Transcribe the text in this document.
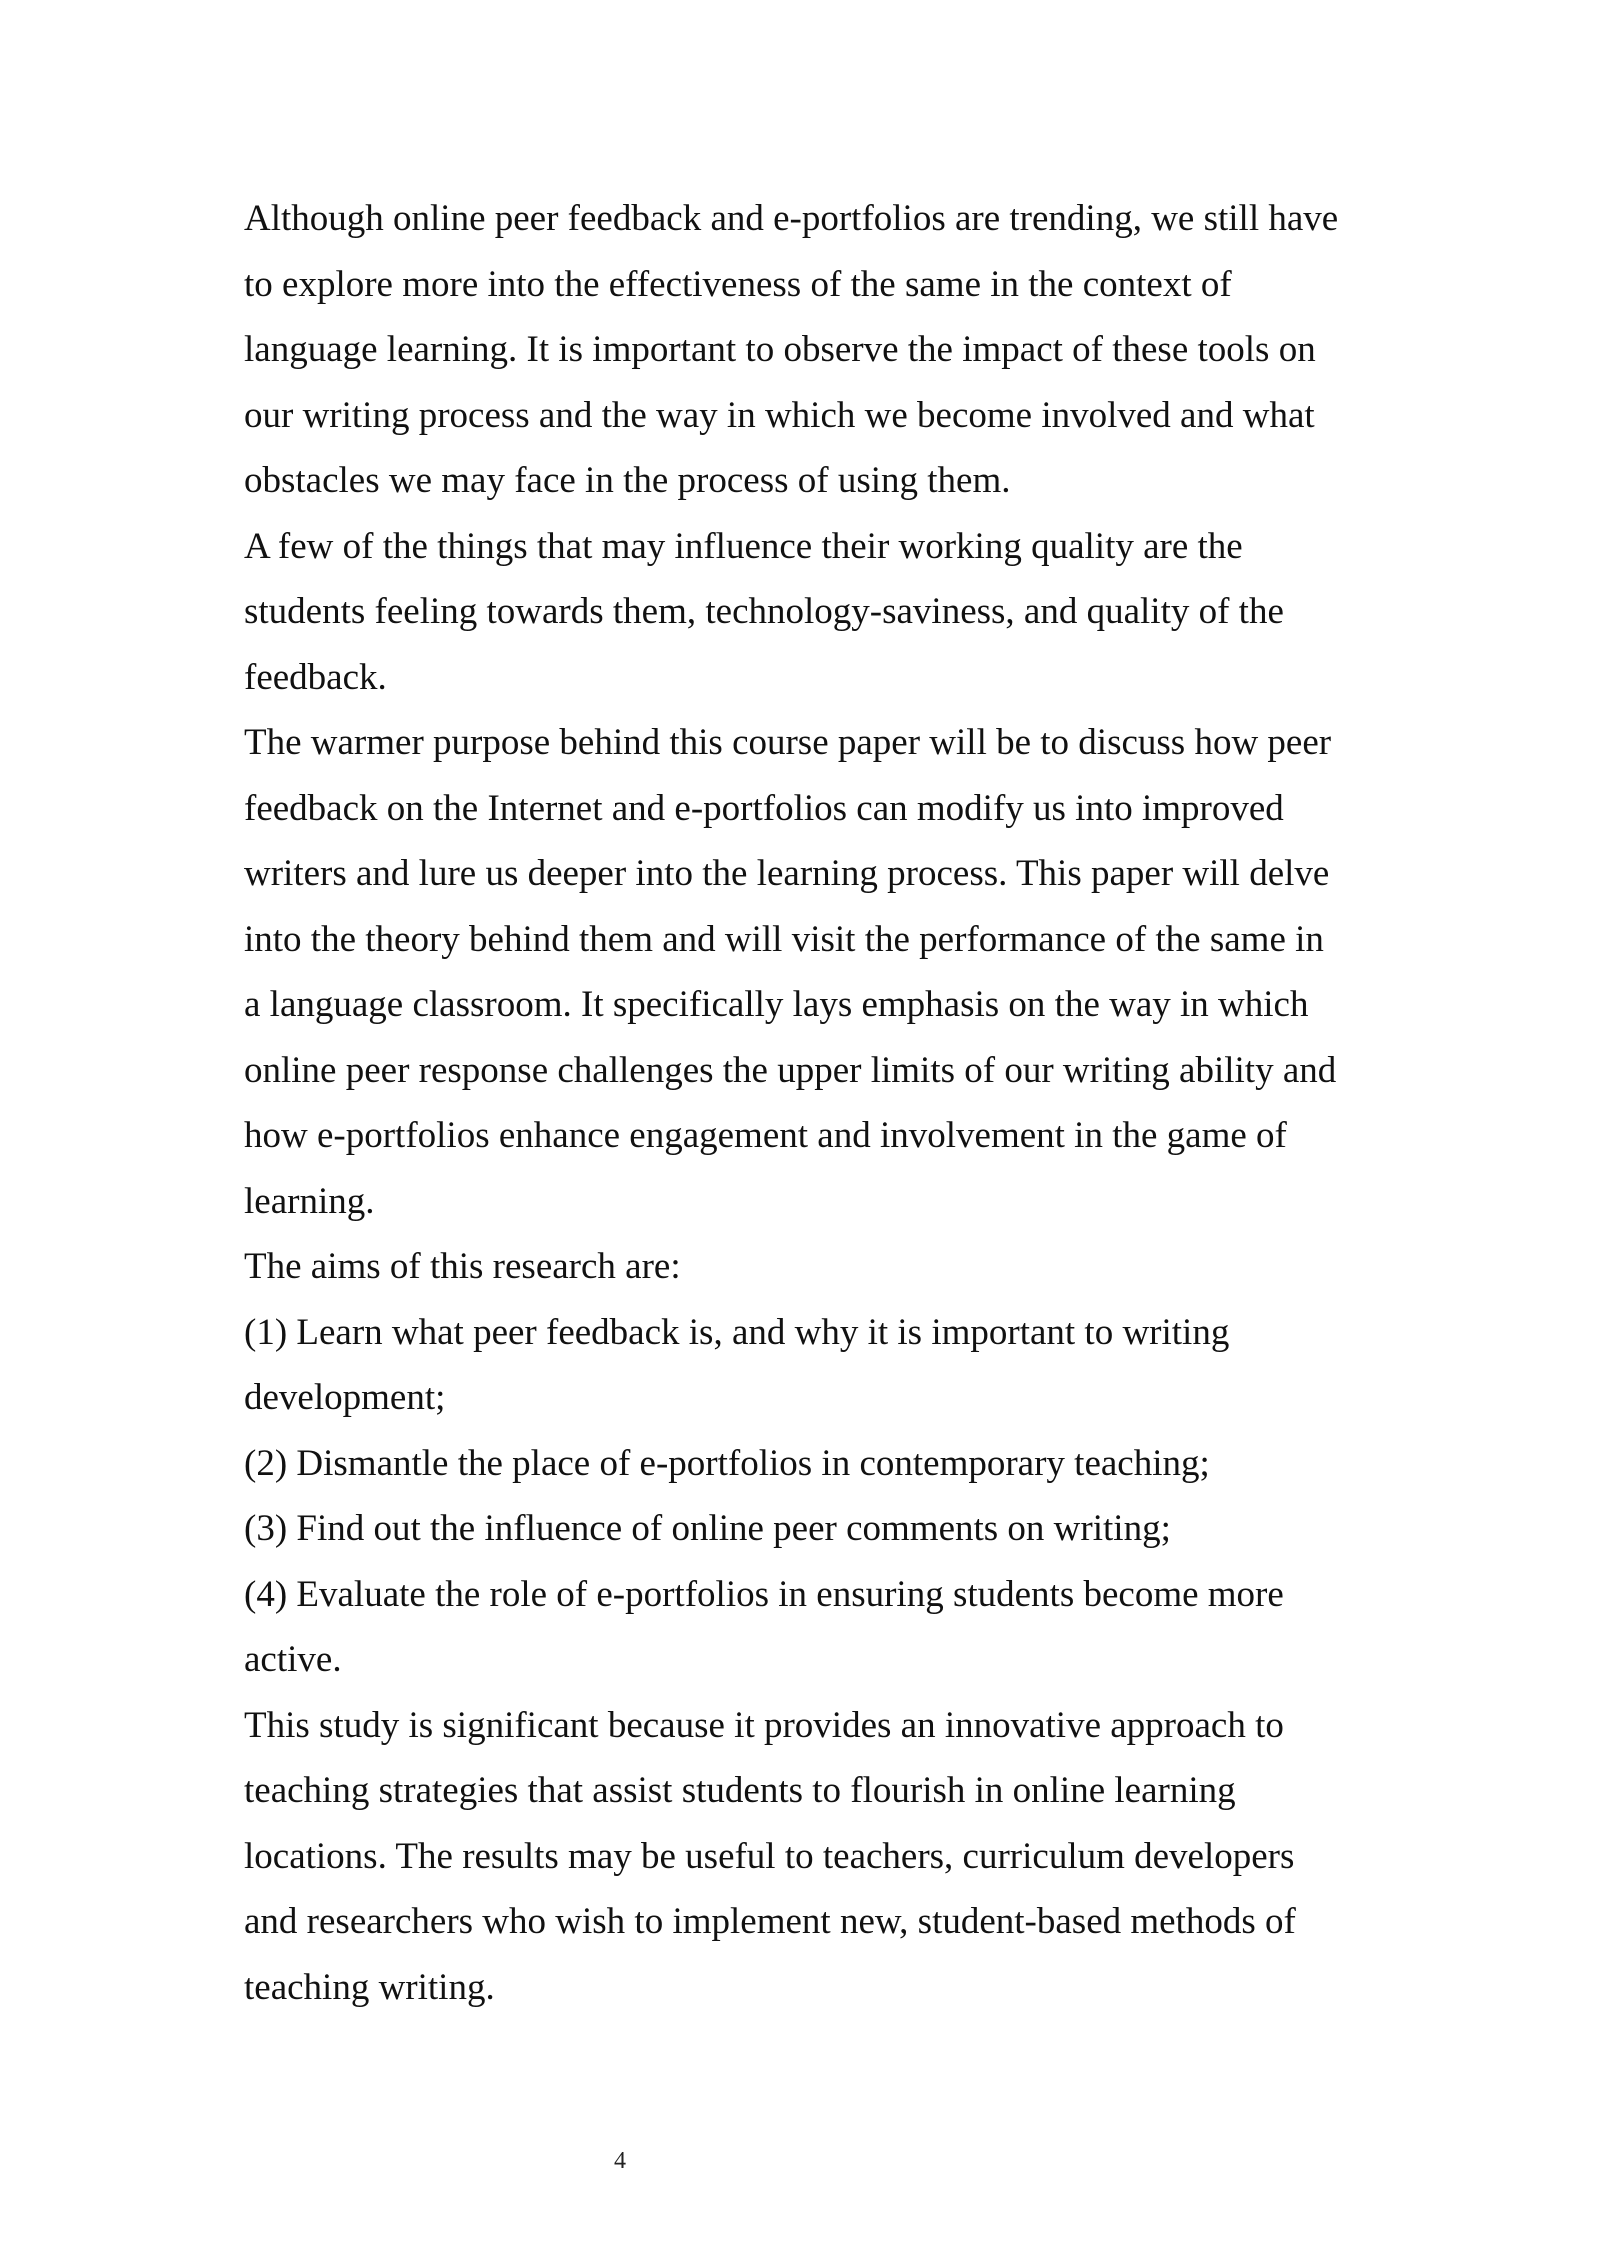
Although online peer feedback and e-portfolios are trending, we still have
to explore more into the effectiveness of the same in the context of
language learning. It is important to observe the impact of these tools on
our writing process and the way in which we become involved and what
obstacles we may face in the process of using them.
A few of the things that may influence their working quality are the
students feeling towards them, technology-saviness, and quality of the
feedback.
The warmer purpose behind this course paper will be to discuss how peer
feedback on the Internet and e-portfolios can modify us into improved
writers and lure us deeper into the learning process. This paper will delve
into the theory behind them and will visit the performance of the same in
a language classroom. It specifically lays emphasis on the way in which
online peer response challenges the upper limits of our writing ability and
how e-portfolios enhance engagement and involvement in the game of
learning.
The aims of this research are:
(1) Learn what peer feedback is, and why it is important to writing
development;
(2) Dismantle the place of e-portfolios in contemporary teaching;
(3) Find out the influence of online peer comments on writing;
(4) Evaluate the role of e-portfolios in ensuring students become more
active.
This study is significant because it provides an innovative approach to
teaching strategies that assist students to flourish in online learning
locations. The results may be useful to teachers, curriculum developers
and researchers who wish to implement new, student-based methods of
teaching writing.
4
